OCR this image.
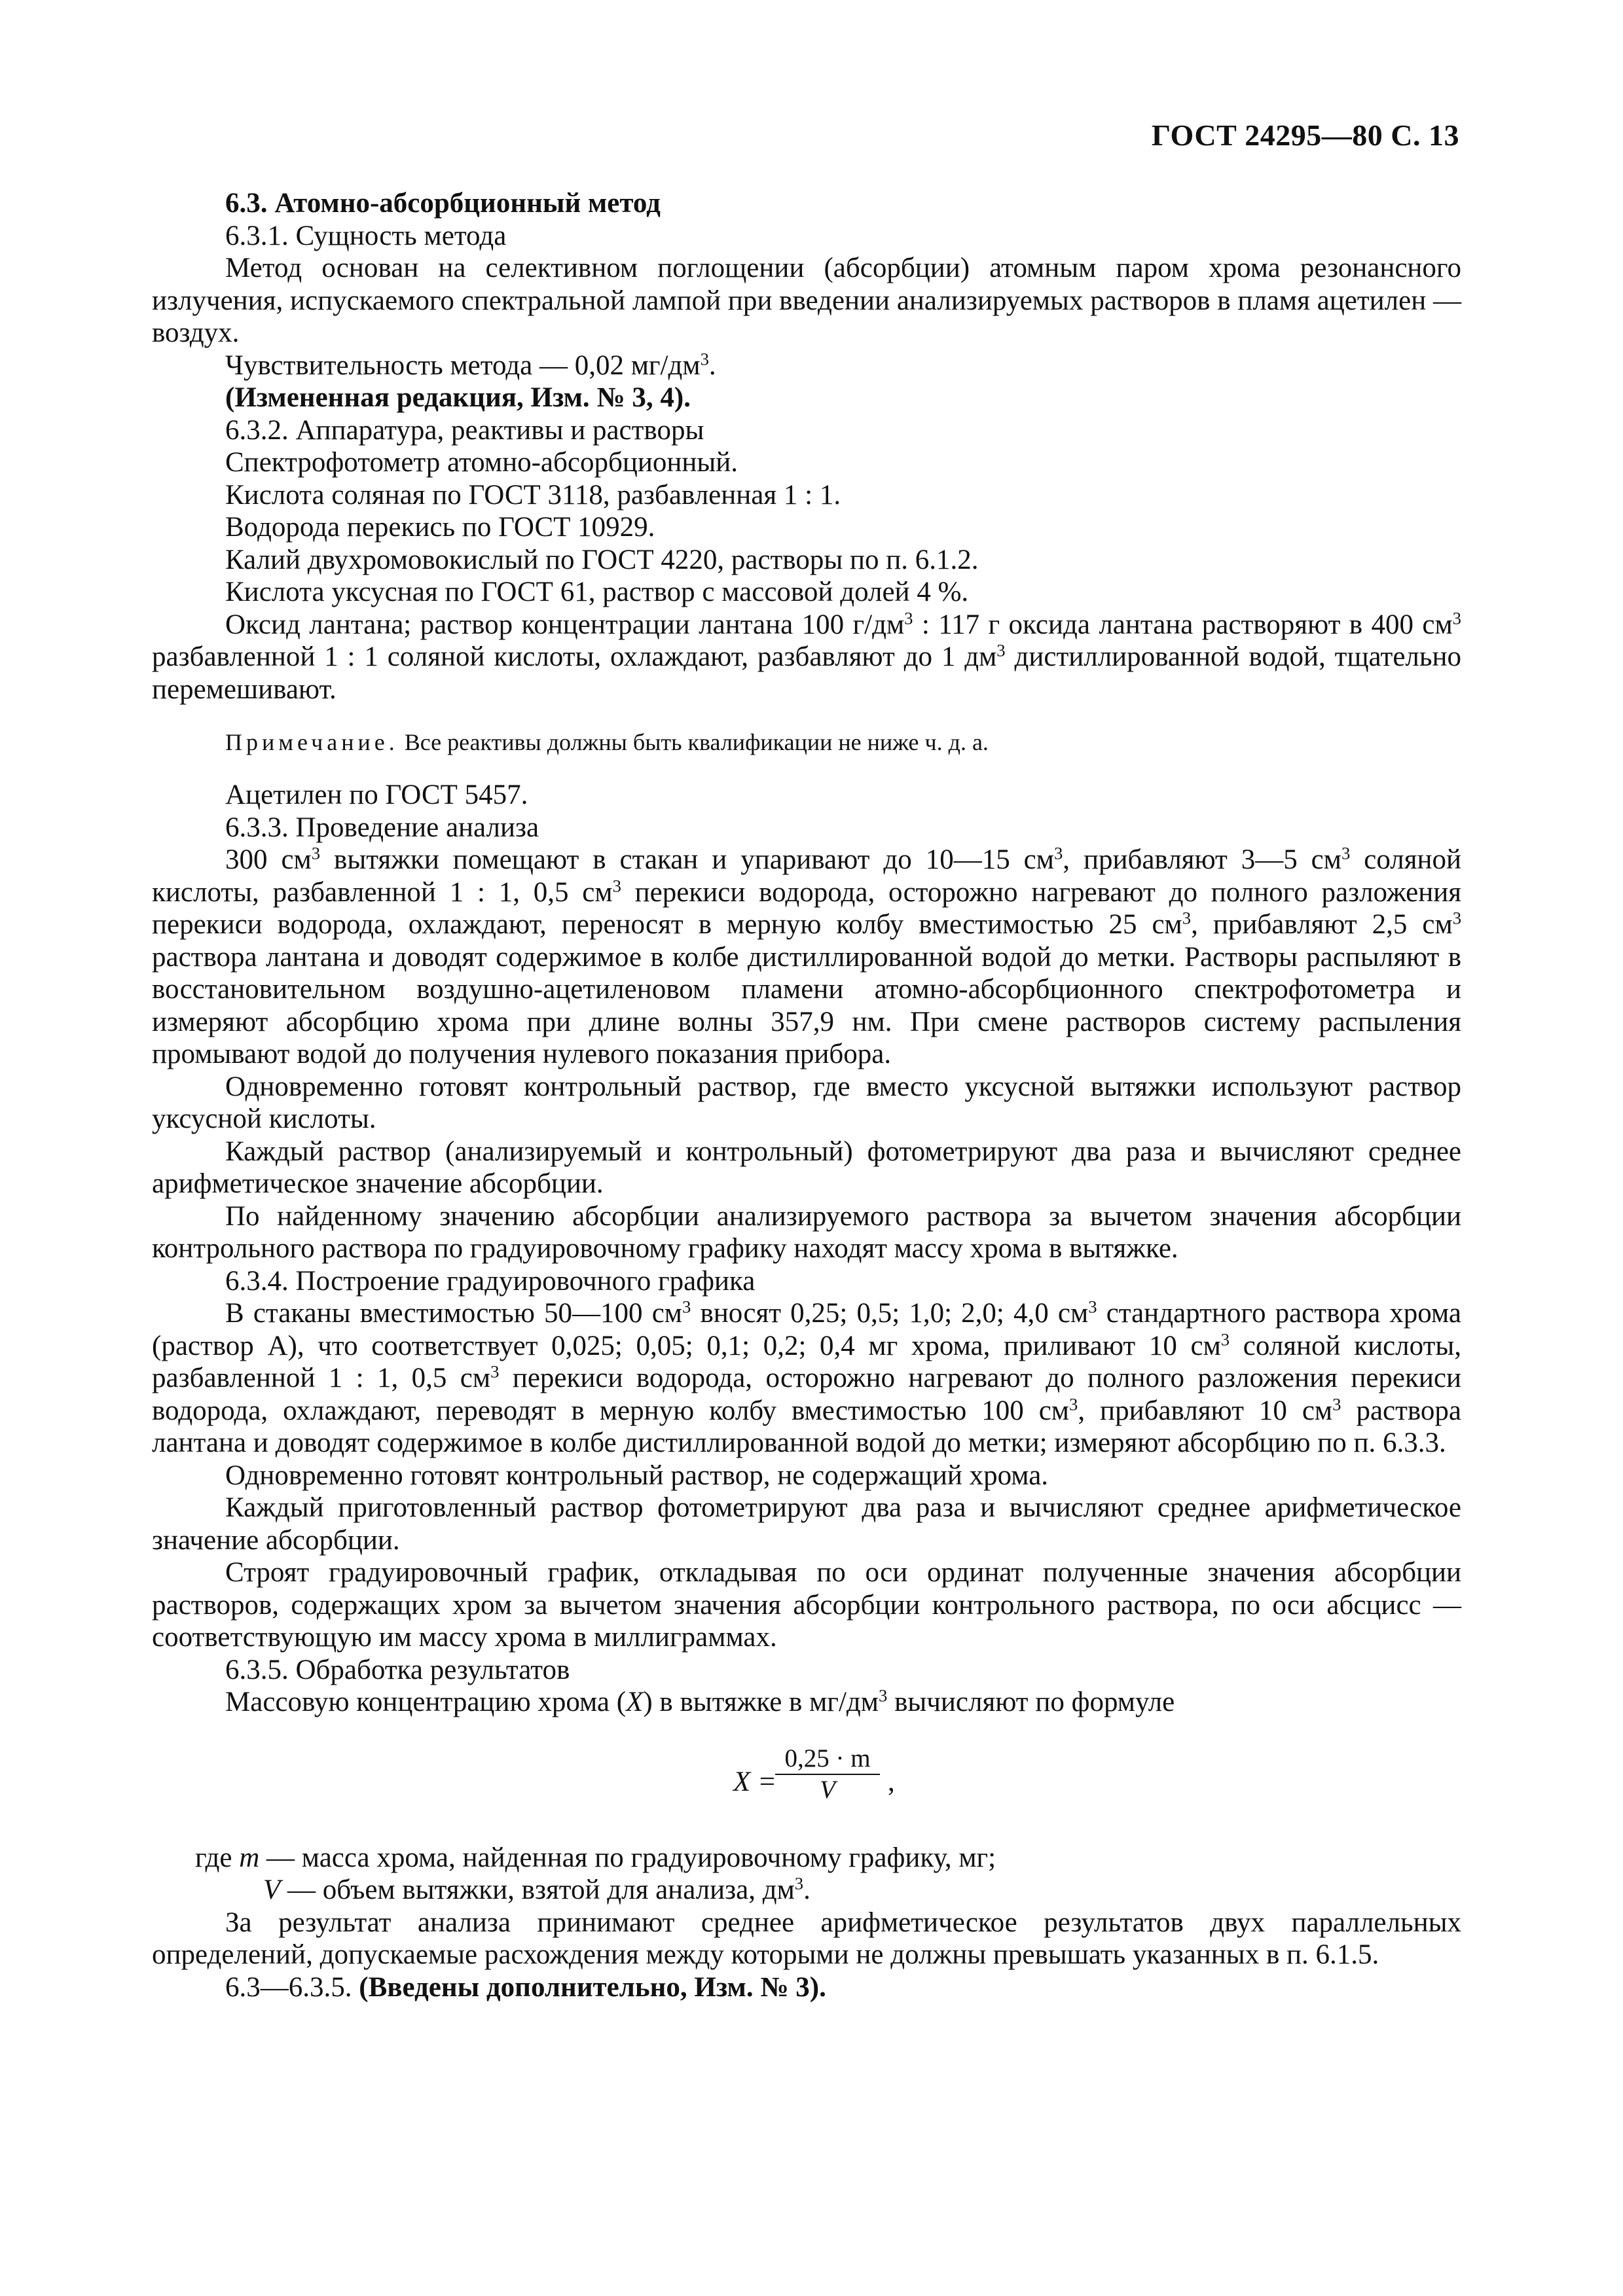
ГОСТ 24295—80 С. 13

6.3. Атомно-абсорбционный метод

6.3.1. Сущность метода

Метод основан на селективном поглощении (абсорбции) атомным паром хрома резонансного излучения, испускаемого спектральной лампой при введении анализируемых растворов в пламя ацетилен — воздух.

Чувствительность метода — 0,02 $мг/дм^3$.

(Измененная редакция, Изм. № 3, 4).

6.3.2. Аппаратура, реактивы и растворы

Спектрофотометр атомно-абсорбционный.

Кислота соляная по ГОСТ 3118, разбавленная 1 : 1.

Водорода перекись по ГОСТ 10929.

Калий двухромовокислый по ГОСТ 4220, растворы по п. 6.1.2.

Кислота уксусная по ГОСТ 61, раствор с массовой долей 4 %.

Оксид лантана; раствор концентрации лантана 100 $г/дм^3$ : 117 г оксида лантана растворяют в 400 $см^3$ разбавленной 1 : 1 соляной кислоты, охлаждают, разбавляют до 1 $дм^3$ дистиллированной водой, тщательно перемешивают.

Примечание. Все реактивы должны быть квалификации не ниже ч. д. а.

Ацетилен по ГОСТ 5457.

6.3.3. Проведение анализа

300 $см^3$ вытяжки помещают в стакан и упаривают до 10—15 $см^3$, прибавляют 3—5 $см^3$ соляной кислоты, разбавленной 1 : 1, 0,5 $см^3$ перекиси водорода, осторожно нагревают до полного разложения перекиси водорода, охлаждают, переносят в мерную колбу вместимостью 25 $см^3$, прибавляют 2,5 $см^3$ раствора лантана и доводят содержимое в колбе дистиллированной водой до метки. Растворы распыляют в восстановительном воздушно-ацетиленовом пламени атомно-абсорбционного спектрофотометра и измеряют абсорбцию хрома при длине волны 357,9 нм. При смене растворов систему распыления промывают водой до получения нулевого показания прибора.

Одновременно готовят контрольный раствор, где вместо уксусной вытяжки используют раствор уксусной кислоты.

Каждый раствор (анализируемый и контрольный) фотометрируют два раза и вычисляют среднее арифметическое значение абсорбции.

По найденному значению абсорбции анализируемого раствора за вычетом значения абсорбции контрольного раствора по градуировочному графику находят массу хрома в вытяжке.

6.3.4. Построение градуировочного графика

В стаканы вместимостью 50—100 $см^3$ вносят 0,25; 0,5; 1,0; 2,0; 4,0 $см^3$ стандартного раствора хрома (раствор А), что соответствует 0,025; 0,05; 0,1; 0,2; 0,4 мг хрома, приливают 10 $см^3$ соляной кислоты, разбавленной 1 : 1, 0,5 $см^3$ перекиси водорода, осторожно нагревают до полного разложения перекиси водорода, охлаждают, переводят в мерную колбу вместимостью 100 $см^3$, прибавляют 10 $см^3$ раствора лантана и доводят содержимое в колбе дистиллированной водой до метки; измеряют абсорбцию по п. 6.3.3.

Одновременно готовят контрольный раствор, не содержащий хрома.

Каждый приготовленный раствор фотометрируют два раза и вычисляют среднее арифметическое значение абсорбции.

Строят градуировочный график, откладывая по оси ординат полученные значения абсорбции растворов, содержащих хром за вычетом значения абсорбции контрольного раствора, по оси абсцисс — соответствующую им массу хрома в миллиграммах.

6.3.5. Обработка результатов

Массовую концентрацию хрома (X) в вытяжке в $мг/дм^3$ вычисляют по формуле

X =
$\frac{0,25 \cdot m}{V}$ ,

где m — масса хрома, найденная по градуировочному графику, мг;

V — объем вытяжки, взятой для анализа, $дм^3$.

За результат анализа принимают среднее арифметическое результатов двух параллельных определений, допускаемые расхождения между которыми не должны превышать указанных в п. 6.1.5.

6.3—6.3.5. (Введены дополнительно, Изм. № 3).
